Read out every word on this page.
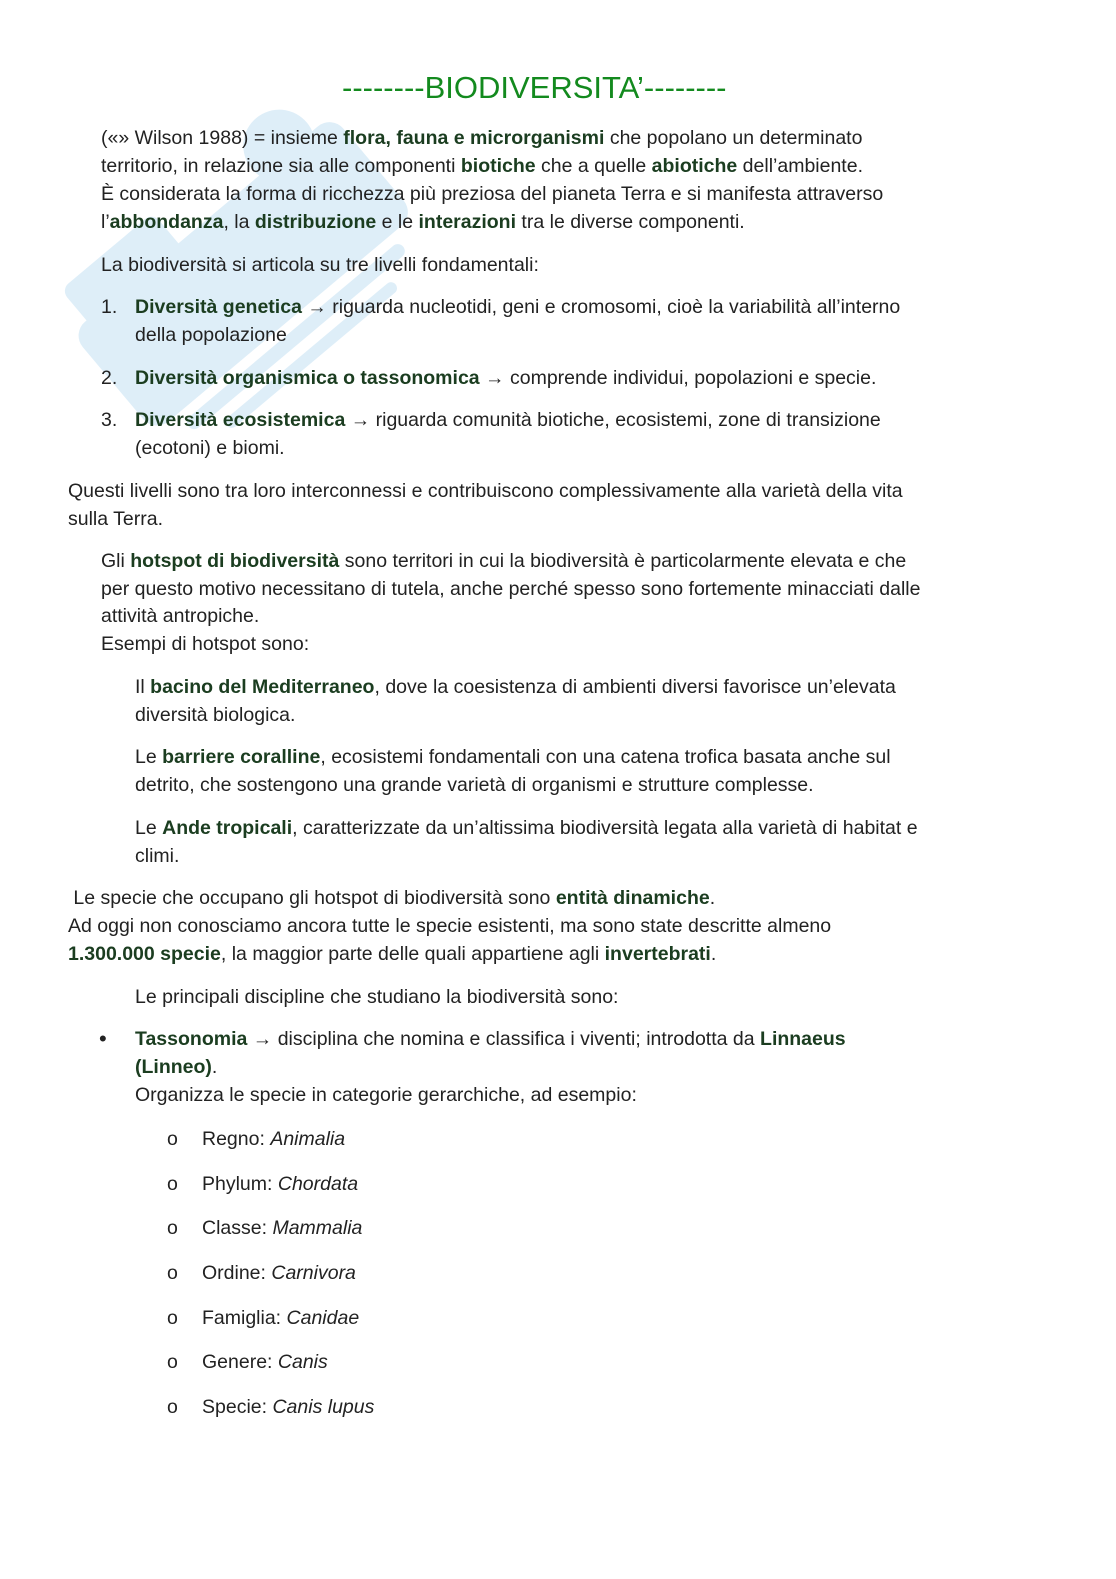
--------BIODIVERSITA’--------
(«» Wilson 1988) = insieme flora, fauna e microrganismi che popolano un determinato
territorio, in relazione sia alle componenti biotiche che a quelle abiotiche dell’ambiente.
È considerata la forma di ricchezza più preziosa del pianeta Terra e si manifesta attraverso
l’abbondanza, la distribuzione e le interazioni tra le diverse componenti.
La biodiversità si articola su tre livelli fondamentali:
1. Diversità genetica → riguarda nucleotidi, geni e cromosomi, cioè la variabilità all’interno
della popolazione
2. Diversità organismica o tassonomica → comprende individui, popolazioni e specie.
3. Diversità ecosistemica → riguarda comunità biotiche, ecosistemi, zone di transizione
(ecotoni) e biomi.
Questi livelli sono tra loro interconnessi e contribuiscono complessivamente alla varietà della vita
sulla Terra.
Gli hotspot di biodiversità sono territori in cui la biodiversità è particolarmente elevata e che
per questo motivo necessitano di tutela, anche perché spesso sono fortemente minacciati dalle
attività antropiche.
Esempi di hotspot sono:
Il bacino del Mediterraneo, dove la coesistenza di ambienti diversi favorisce un’elevata
diversità biologica.
Le barriere coralline, ecosistemi fondamentali con una catena trofica basata anche sul
detrito, che sostengono una grande varietà di organismi e strutture complesse.
Le Ande tropicali, caratterizzate da un’altissima biodiversità legata alla varietà di habitat e
climi.
Le specie che occupano gli hotspot di biodiversità sono entità dinamiche.
Ad oggi non conosciamo ancora tutte le specie esistenti, ma sono state descritte almeno
1.300.000 specie, la maggior parte delle quali appartiene agli invertebrati.
Le principali discipline che studiano la biodiversità sono:
• Tassonomia → disciplina che nomina e classifica i viventi; introdotta da Linnaeus
(Linneo).
Organizza le specie in categorie gerarchiche, ad esempio:
o Regno: Animalia
o Phylum: Chordata
o Classe: Mammalia
o Ordine: Carnivora
o Famiglia: Canidae
o Genere: Canis
o Specie: Canis lupus
